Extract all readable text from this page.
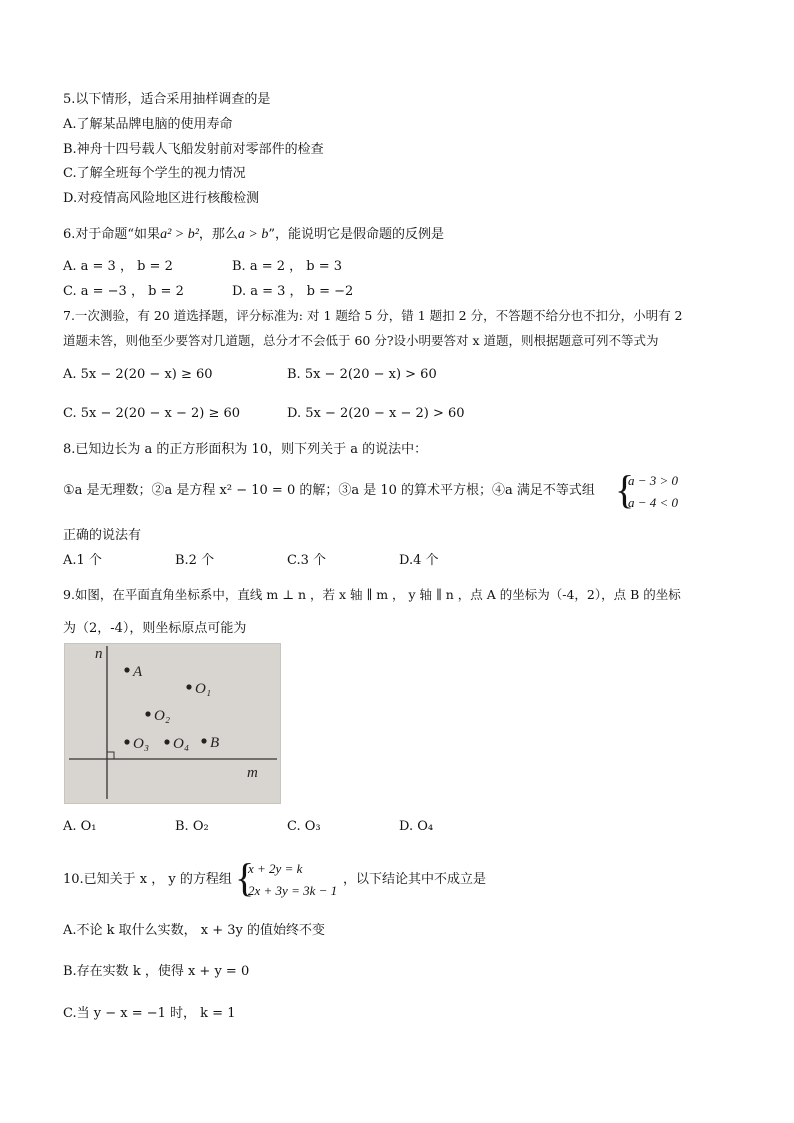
5.以下情形，适合采用抽样调查的是
A.了解某品牌电脑的使用寿命
B.神舟十四号载人飞船发射前对零部件的检查
C.了解全班每个学生的视力情况
D.对疫情高风险地区进行核酸检测
6.对于命题“如果a² > b²，那么a > b”，能说明它是假命题的反例是
A. a = 3 ， b = 2	B. a = 2 ， b = 3
C. a = −3 ， b = 2	D. a = 3 ， b = −2
7.一次测验，有 20 道选择题，评分标准为: 对 1 题给 5 分，错 1 题扣 2 分，不答题不给分也不扣分，小明有 2
道题未答，则他至少要答对几道题，总分才不会低于 60 分?设小明要答对 x 道题，则根据题意可列不等式为
A. 5x − 2(20 − x) ≥ 60	B. 5x − 2(20 − x) > 60
C. 5x − 2(20 − x − 2) ≥ 60	D. 5x − 2(20 − x − 2) > 60
8.已知边长为 a 的正方形面积为 10，则下列关于 a 的说法中：
①a 是无理数；②a 是方程 x² − 10 = 0 的解；③a 是 10 的算术平方根；④a 满足不等式组 {
a − 3 > 0
a − 4 < 0
正确的说法有
A.1 个	B.2 个	C.3 个	D.4 个
9.如图，在平面直角坐标系中，直线 m ⊥ n ，若 x 轴 ∥ m ， y 轴 ∥ n ，点 A 的坐标为（-4，2），点 B 的坐标
为（2，-4），则坐标原点可能为
n
m
A
O₁
O₂
O₃ O₄ B
A. O₁	B. O₂	C. O₃	D. O₄
10.已知关于 x ， y 的方程组 {
x + 2y = k
2x + 3y = 3k − 1
，以下结论其中不成立是
A.不论 k 取什么实数， x + 3y 的值始终不变
B.存在实数 k ，使得 x + y = 0
C.当 y − x = −1 时， k = 1
